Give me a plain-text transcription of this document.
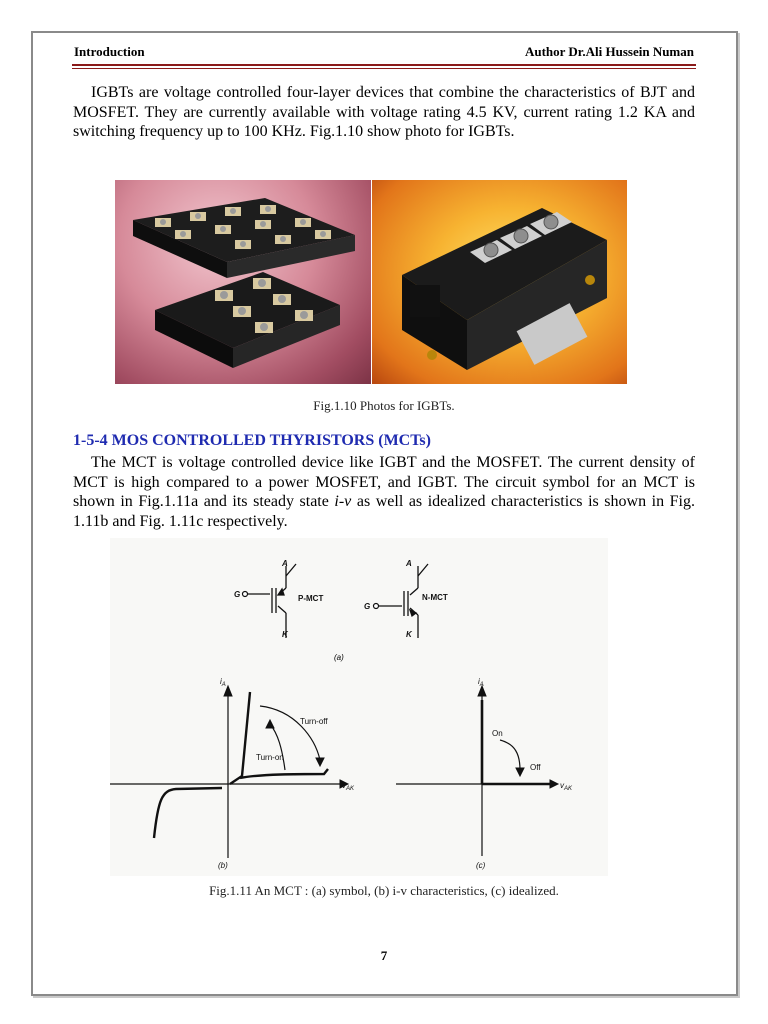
Introduction	Author Dr.Ali Hussein Numan
IGBTs are voltage controlled four-layer devices that combine the characteristics of BJT and MOSFET. They are currently available with voltage rating 4.5 KV, current rating 1.2 KA and switching frequency up to 100 KHz. Fig.1.10 show photo for IGBTs.
Fig.1.10 Photos for IGBTs.
1-5-4 MOS CONTROLLED THYRISTORS (MCTs)
The MCT is voltage controlled device like IGBT and the MOSFET. The current density of MCT is high compared to a power MOSFET, and IGBT. The circuit symbol for an MCT is shown in Fig.1.11a and its steady state i-v as well as idealized characteristics is shown in Fig. 1.11b and Fig. 1.11c respectively.
A
G
K
A
G
K
P-MCT	N-MCT
(a)
$i_A$
$v_{AK}$
Turn-off
Turn-on
(b)
$i_A$
$v_{AK}$
On
Off
(c)
Fig.1.11 An MCT : (a) symbol, (b) i-v characteristics, (c) idealized.
7
